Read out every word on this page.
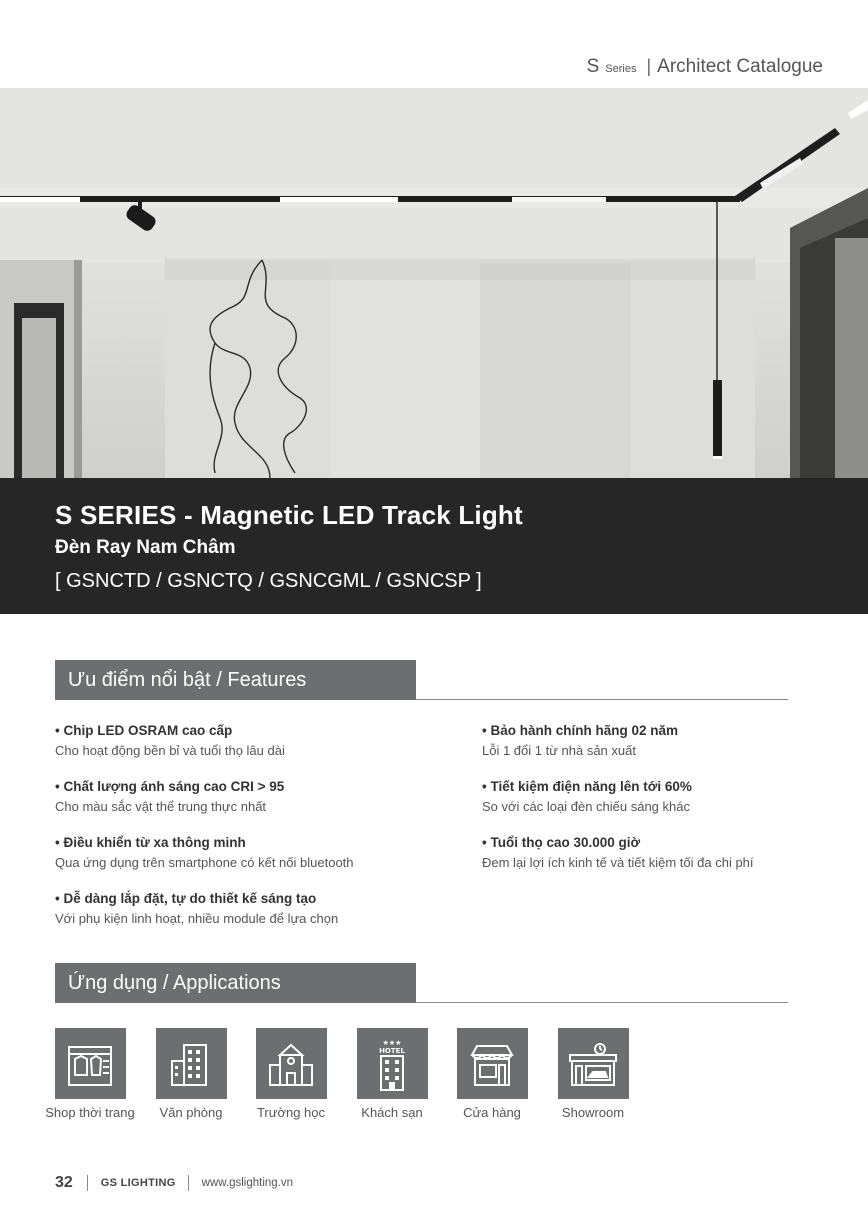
S Series | Architect Catalogue
S SERIES - Magnetic LED Track Light
Đèn Ray Nam Châm
[ GSNCTD / GSNCTQ / GSNCGML / GSNCSP ]
Ưu điểm nổi bật / Features
• Chip LED OSRAM cao cấp
Cho hoạt động bền bỉ và tuổi thọ lâu dài
• Chất lượng ánh sáng cao CRI > 95
Cho màu sắc vật thể trung thực nhất
• Điều khiển từ xa thông minh
Qua ứng dụng trên smartphone có kết nối bluetooth
• Dễ dàng lắp đặt, tự do thiết kế sáng tạo
Với phụ kiện linh hoạt, nhiều module để lựa chọn
• Bảo hành chính hãng 02 năm
Lỗi 1 đổi 1 từ nhà sản xuất
• Tiết kiệm điện năng lên tới 60%
So với các loại đèn chiếu sáng khác
• Tuổi thọ cao 30.000 giờ
Đem lại lợi ích kinh tế và tiết kiệm tối đa chi phí
Ứng dụng / Applications
Shop thời trang	Văn phòng	Trường học
★★★
HOTEL
Khách sạn	Cửa hàng	Showroom
32	GS LIGHTING www.gslighting.vn
